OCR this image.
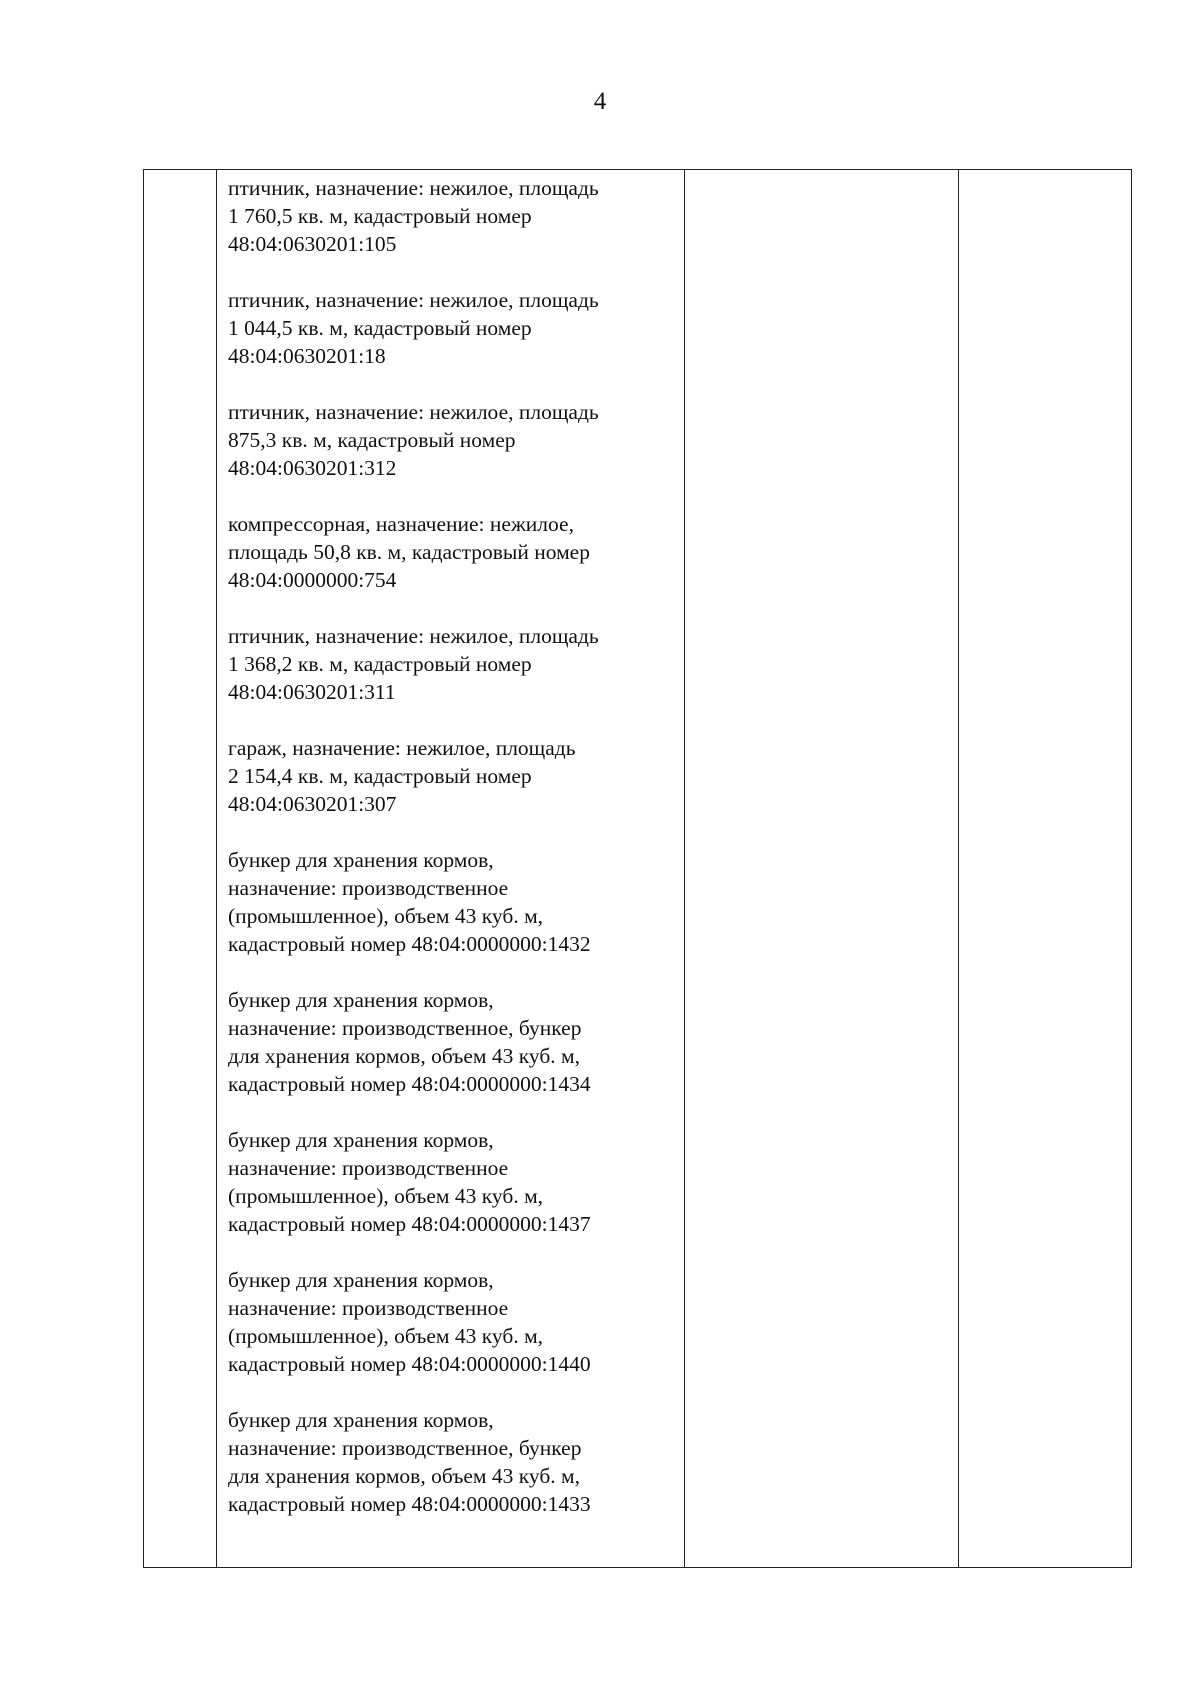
4

птичник, назначение: нежилое, площадь
1 760,5 кв. м, кадастровый номер
48:04:0630201:105
птичник, назначение: нежилое, площадь
1 044,5 кв. м, кадастровый номер
48:04:0630201:18
птичник, назначение: нежилое, площадь
875,3 кв. м, кадастровый номер
48:04:0630201:312
компрессорная, назначение: нежилое,
площадь 50,8 кв. м, кадастровый номер
48:04:0000000:754
птичник, назначение: нежилое, площадь
1 368,2 кв. м, кадастровый номер
48:04:0630201:311
гараж, назначение: нежилое, площадь
2 154,4 кв. м, кадастровый номер
48:04:0630201:307
бункер для хранения кормов,
назначение: производственное
(промышленное), объем 43 куб. м,
кадастровый номер 48:04:0000000:1432
бункер для хранения кормов,
назначение: производственное, бункер
для хранения кормов, объем 43 куб. м,
кадастровый номер 48:04:0000000:1434
бункер для хранения кормов,
назначение: производственное
(промышленное), объем 43 куб. м,
кадастровый номер 48:04:0000000:1437
бункер для хранения кормов,
назначение: производственное
(промышленное), объем 43 куб. м,
кадастровый номер 48:04:0000000:1440
бункер для хранения кормов,
назначение: производственное, бункер
для хранения кормов, объем 43 куб. м,
кадастровый номер 48:04:0000000:1433
